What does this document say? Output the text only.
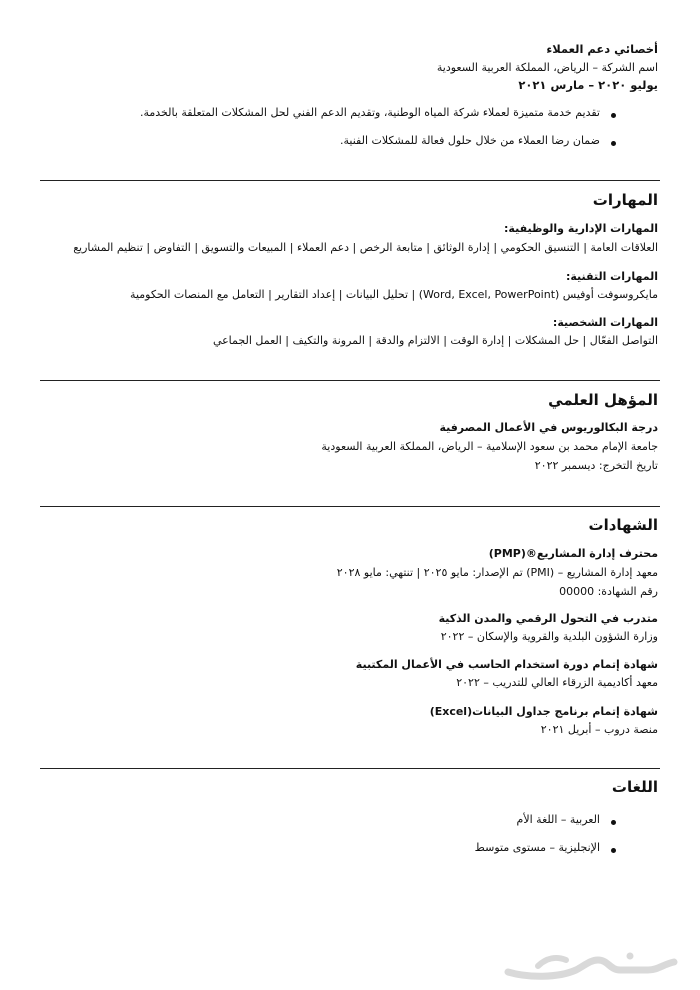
أخصائي دعم العملاء
اسم الشركة – الرياض، المملكة العربية السعودية
يوليو ٢٠٢٠ – مارس ٢٠٢١
تقديم خدمة متميزة لعملاء شركة المياه الوطنية، وتقديم الدعم الفني لحل المشكلات المتعلقة بالخدمة.
ضمان رضا العملاء من خلال حلول فعالة للمشكلات الفنية.
المهارات
المهارات الإدارية والوظيفية:
العلاقات العامة | التنسيق الحكومي | إدارة الوثائق | متابعة الرخص | دعم العملاء | المبيعات والتسويق | التفاوض | تنظيم المشاريع
المهارات التقنية:
مايكروسوفت أوفيس (Word, Excel, PowerPoint) | تحليل البيانات | إعداد التقارير | التعامل مع المنصات الحكومية
المهارات الشخصية:
التواصل الفعّال | حل المشكلات | إدارة الوقت | الالتزام والدقة | المرونة والتكيف | العمل الجماعي
المؤهل العلمي
درجة البكالوريوس في الأعمال المصرفية
جامعة الإمام محمد بن سعود الإسلامية – الرياض، المملكة العربية السعودية
تاريخ التخرج: ديسمبر ٢٠٢٢
الشهادات
محترف إدارة المشاريع®(PMP)
معهد إدارة المشاريع – (PMI) تم الإصدار: مايو ٢٠٢٥ | تنتهي: مايو ٢٠٢٨
رقم الشهادة: 00000
متدرب في التحول الرقمي والمدن الذكية
وزارة الشؤون البلدية والقروية والإسكان – ٢٠٢٢
شهادة إتمام دورة استخدام الحاسب في الأعمال المكتبية
معهد أكاديمية الزرقاء العالي للتدريب – ٢٠٢٢
شهادة إتمام برنامج جداول البيانات(Excel)
منصة دروب – أبريل ٢٠٢١
اللغات
العربية – اللغة الأم
الإنجليزية – مستوى متوسط
